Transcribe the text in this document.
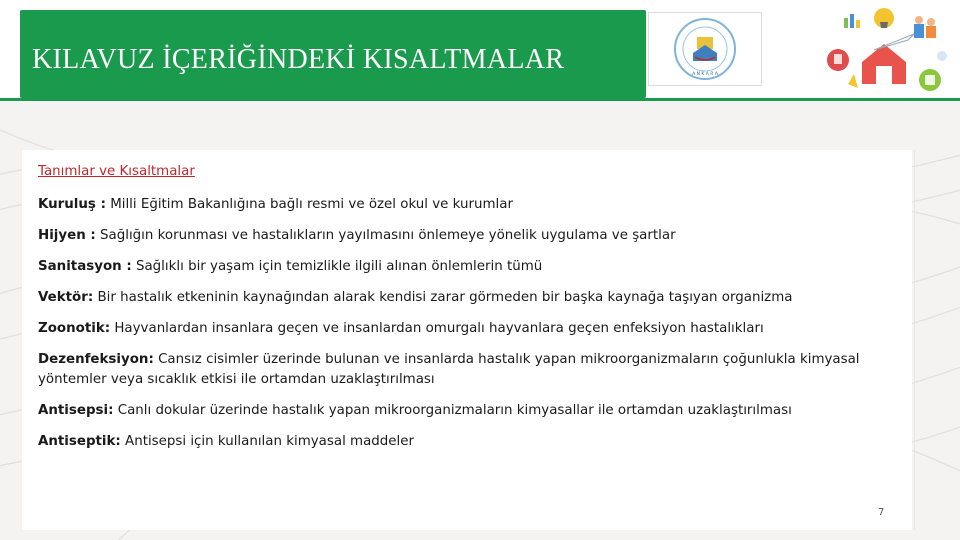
KILAVUZ İÇERİĞİNDEKİ KISALTMALAR	A N K A R A
Tanımlar ve Kısaltmalar
Kuruluş : Milli Eğitim Bakanlığına bağlı resmi ve özel okul ve kurumlar
Hijyen : Sağlığın korunması ve hastalıkların yayılmasını önlemeye yönelik uygulama ve şartlar
Sanitasyon : Sağlıklı bir yaşam için temizlikle ilgili alınan önlemlerin tümü
Vektör: Bir hastalık etkeninin kaynağından alarak kendisi zarar görmeden bir başka kaynağa taşıyan organizma
Zoonotik: Hayvanlardan insanlara geçen ve insanlardan omurgalı hayvanlara geçen enfeksiyon hastalıkları
Dezenfeksiyon: Cansız cisimler üzerinde bulunan ve insanlarda hastalık yapan mikroorganizmaların çoğunlukla kimyasal yöntemler veya sıcaklık etkisi ile ortamdan uzaklaştırılması
Antisepsi: Canlı dokular üzerinde hastalık yapan mikroorganizmaların kimyasallar ile ortamdan uzaklaştırılması
Antiseptik: Antisepsi için kullanılan kimyasal maddeler
7
